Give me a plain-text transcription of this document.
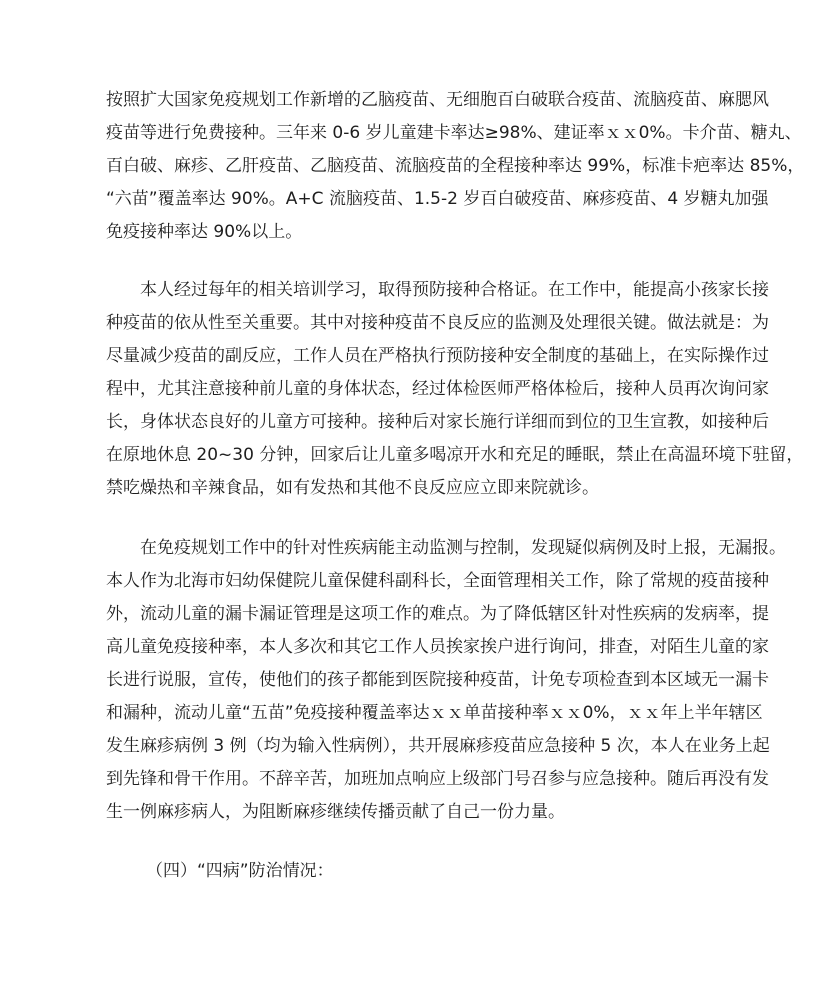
按照扩大国家免疫规划工作新增的乙脑疫苗、无细胞百白破联合疫苗、流脑疫苗、麻腮风
疫苗等进行免费接种。三年来 0-6 岁儿童建卡率达≥98%、建证率ｘｘ0%。卡介苗、糖丸、
百白破、麻疹、乙肝疫苗、乙脑疫苗、流脑疫苗的全程接种率达 99%，标准卡疤率达 85%，
“六苗”覆盖率达 90%。A+C 流脑疫苗、1.5-2 岁百白破疫苗、麻疹疫苗、4 岁糖丸加强
免疫接种率达 90%以上。
本人经过每年的相关培训学习，取得预防接种合格证。在工作中，能提高小孩家长接
种疫苗的依从性至关重要。其中对接种疫苗不良反应的监测及处理很关键。做法就是：为
尽量减少疫苗的副反应，工作人员在严格执行预防接种安全制度的基础上，在实际操作过
程中，尤其注意接种前儿童的身体状态，经过体检医师严格体检后，接种人员再次询问家
长，身体状态良好的儿童方可接种。接种后对家长施行详细而到位的卫生宣教，如接种后
在原地休息 20~30 分钟，回家后让儿童多喝凉开水和充足的睡眠，禁止在高温环境下驻留，
禁吃燥热和辛辣食品，如有发热和其他不良反应应立即来院就诊。
在免疫规划工作中的针对性疾病能主动监测与控制，发现疑似病例及时上报，无漏报。
本人作为北海市妇幼保健院儿童保健科副科长，全面管理相关工作，除了常规的疫苗接种
外，流动儿童的漏卡漏证管理是这项工作的难点。为了降低辖区针对性疾病的发病率，提
高儿童免疫接种率，本人多次和其它工作人员挨家挨户进行询问，排查，对陌生儿童的家
长进行说服，宣传，使他们的孩子都能到医院接种疫苗，计免专项检查到本区域无一漏卡
和漏种，流动儿童“五苗”免疫接种覆盖率达ｘｘ单苗接种率ｘｘ0%，ｘｘ年上半年辖区
发生麻疹病例 3 例（均为输入性病例），共开展麻疹疫苗应急接种 5 次，本人在业务上起
到先锋和骨干作用。不辞辛苦，加班加点响应上级部门号召参与应急接种。随后再没有发
生一例麻疹病人，为阻断麻疹继续传播贡献了自己一份力量。
（四）“四病”防治情况：
